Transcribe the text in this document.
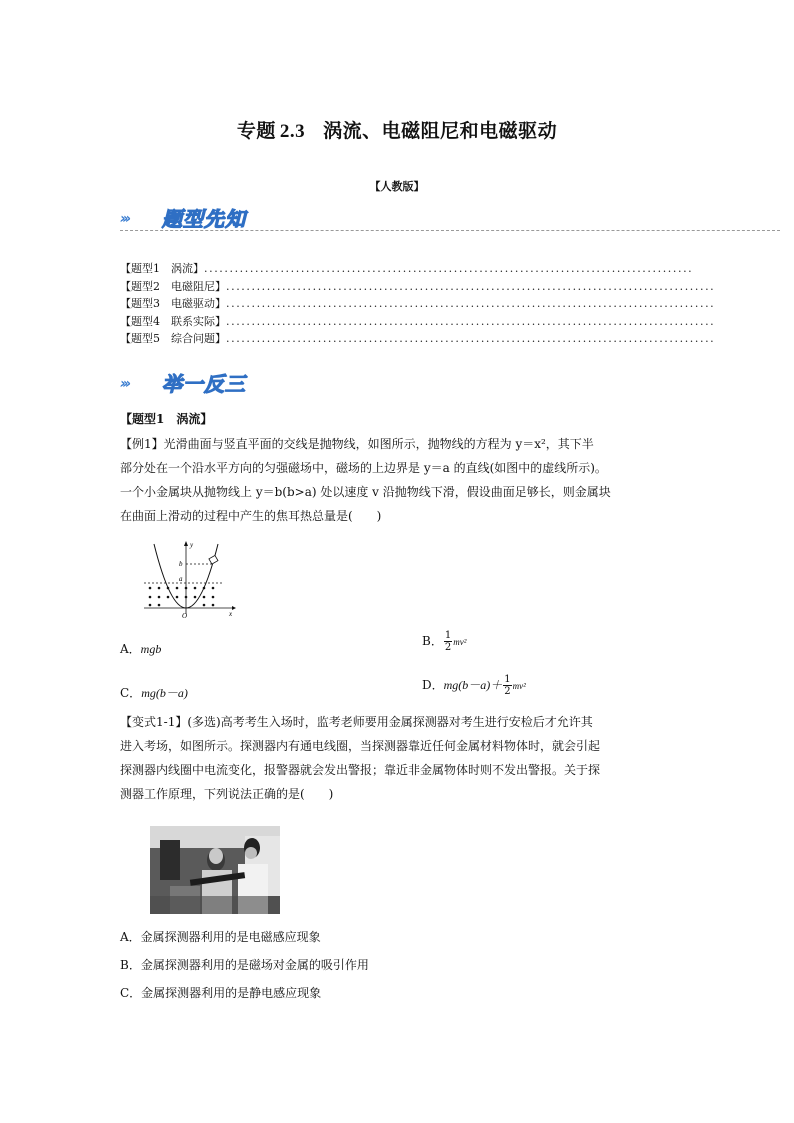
专题 2.3 涡流、电磁阻尼和电磁驱动
【人教版】
››› 题型先知
【题型1　涡流】 ................................................................................................
【题型2　电磁阻尼】 ................................................................................................
【题型3　电磁驱动】 ................................................................................................
【题型4　联系实际】 ................................................................................................
【题型5　综合问题】 ................................................................................................
››› 举一反三
【题型1　涡流】
【例1】光滑曲面与竖直平面的交线是抛物线，如图所示，抛物线的方程为 y＝x²，其下半
部分处在一个沿水平方向的匀强磁场中，磁场的上边界是 y＝a 的直线(如图中的虚线所示)。
一个小金属块从抛物线上 y＝b(b>a) 处以速度 v 沿抛物线下滑，假设曲面足够长，则金属块
在曲面上滑动的过程中产生的焦耳热总量是(　　)
y
x
O
a
b
A．mgb
B． $\frac{1}{2} mv^2$
C．mg(b－a)
D．$mg(b-a)+ \frac{1}{2} mv^2$
【变式1-1】(多选)高考考生入场时，监考老师要用金属探测器对考生进行安检后才允许其
进入考场，如图所示。探测器内有通电线圈，当探测器靠近任何金属材料物体时，就会引起
探测器内线圈中电流变化，报警器就会发出警报；靠近非金属物体时则不发出警报。关于探
测器工作原理，下列说法正确的是(　　)
A．金属探测器利用的是电磁感应现象
B．金属探测器利用的是磁场对金属的吸引作用
C．金属探测器利用的是静电感应现象
